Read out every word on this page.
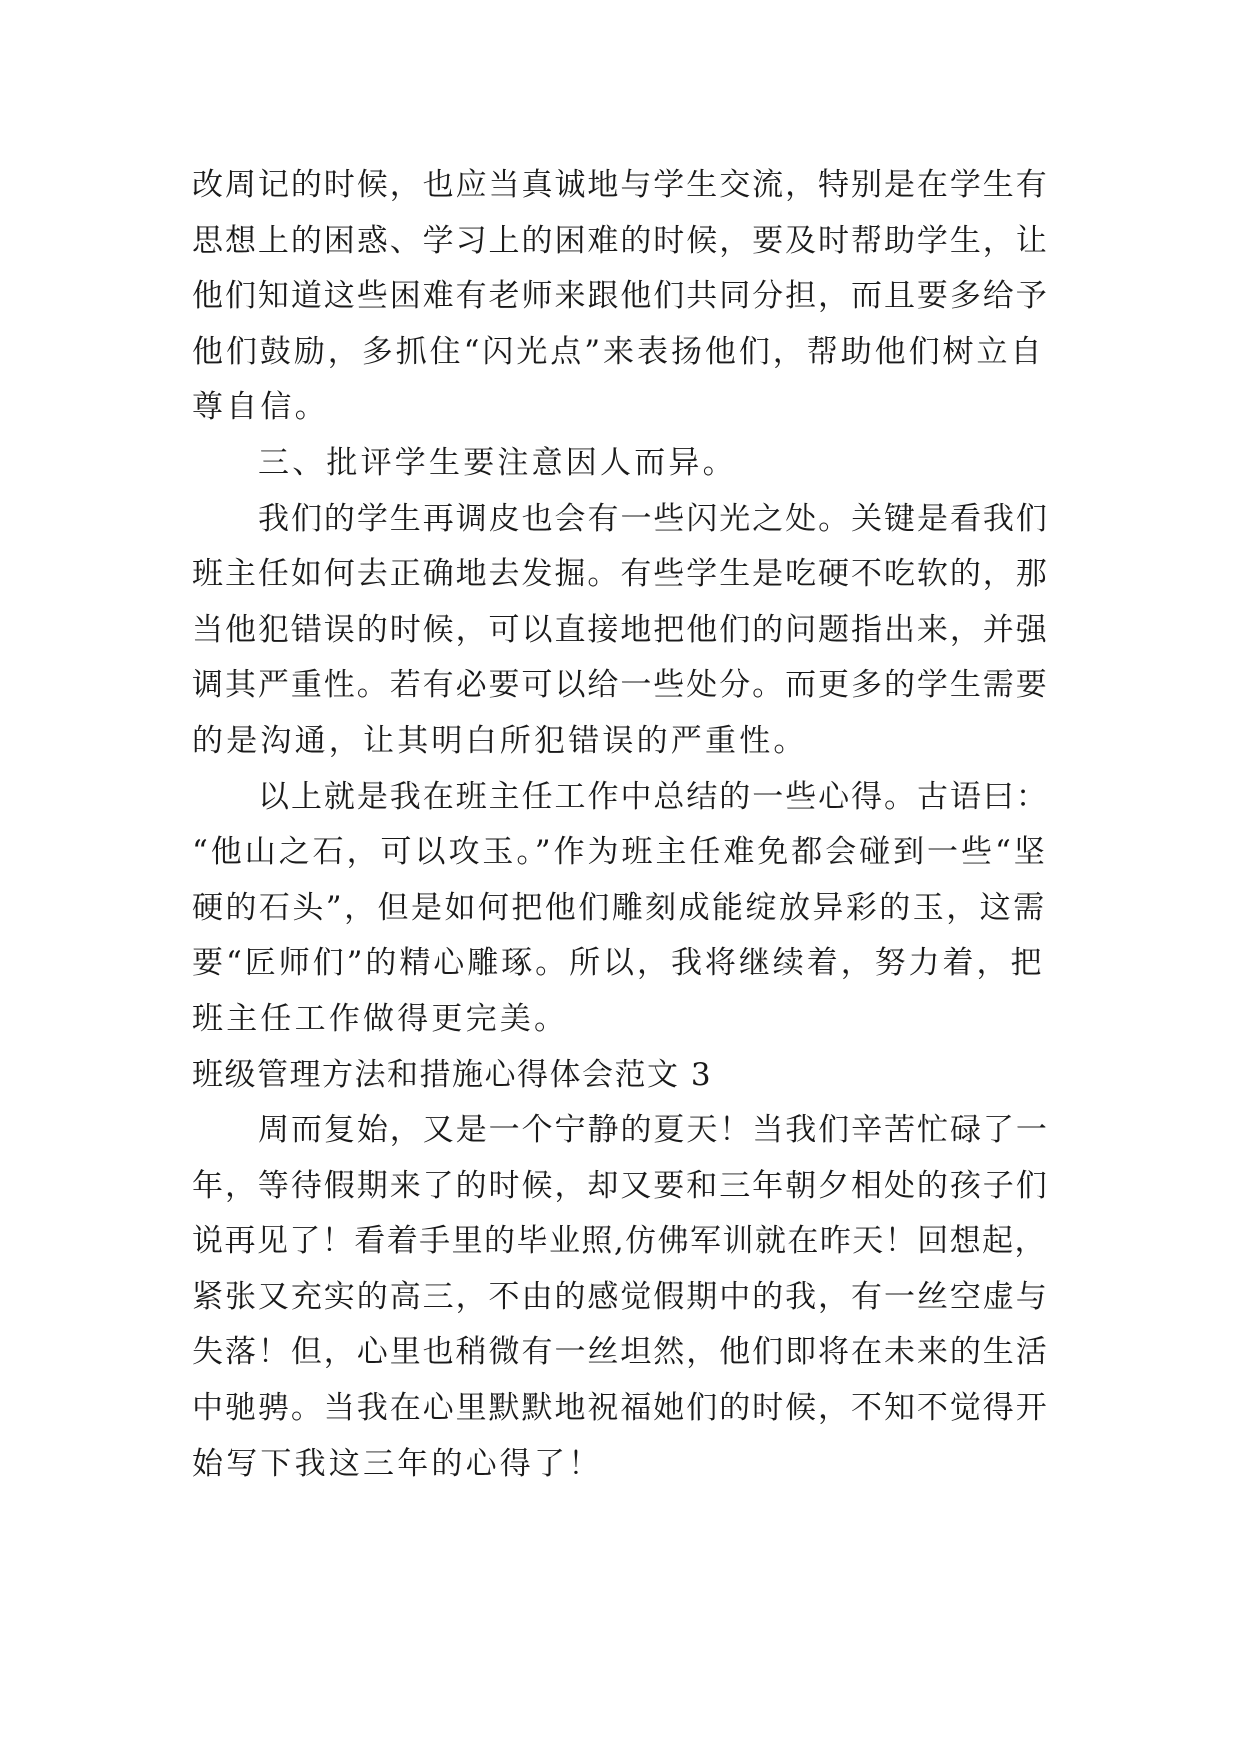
改周记的时候，也应当真诚地与学生交流，特别是在学生有
思想上的困惑、学习上的困难的时候，要及时帮助学生，让
他们知道这些困难有老师来跟他们共同分担，而且要多给予
他们鼓励，多抓住“闪光点”来表扬他们，帮助他们树立自
尊自信。
三、批评学生要注意因人而异。
我们的学生再调皮也会有一些闪光之处。关键是看我们
班主任如何去正确地去发掘。有些学生是吃硬不吃软的，那
当他犯错误的时候，可以直接地把他们的问题指出来，并强
调其严重性。若有必要可以给一些处分。而更多的学生需要
的是沟通，让其明白所犯错误的严重性。
以上就是我在班主任工作中总结的一些心得。古语曰：
“他山之石，可以攻玉。”作为班主任难免都会碰到一些“坚
硬的石头”，但是如何把他们雕刻成能绽放异彩的玉，这需
要“匠师们”的精心雕琢。所以，我将继续着，努力着，把
班主任工作做得更完美。
班级管理方法和措施心得体会范文 3
周而复始，又是一个宁静的夏天！当我们辛苦忙碌了一
年，等待假期来了的时候，却又要和三年朝夕相处的孩子们
说再见了！看着手里的毕业照,仿佛军训就在昨天！回想起，
紧张又充实的高三，不由的感觉假期中的我，有一丝空虚与
失落！但，心里也稍微有一丝坦然，他们即将在未来的生活
中驰骋。当我在心里默默地祝福她们的时候，不知不觉得开
始写下我这三年的心得了！
